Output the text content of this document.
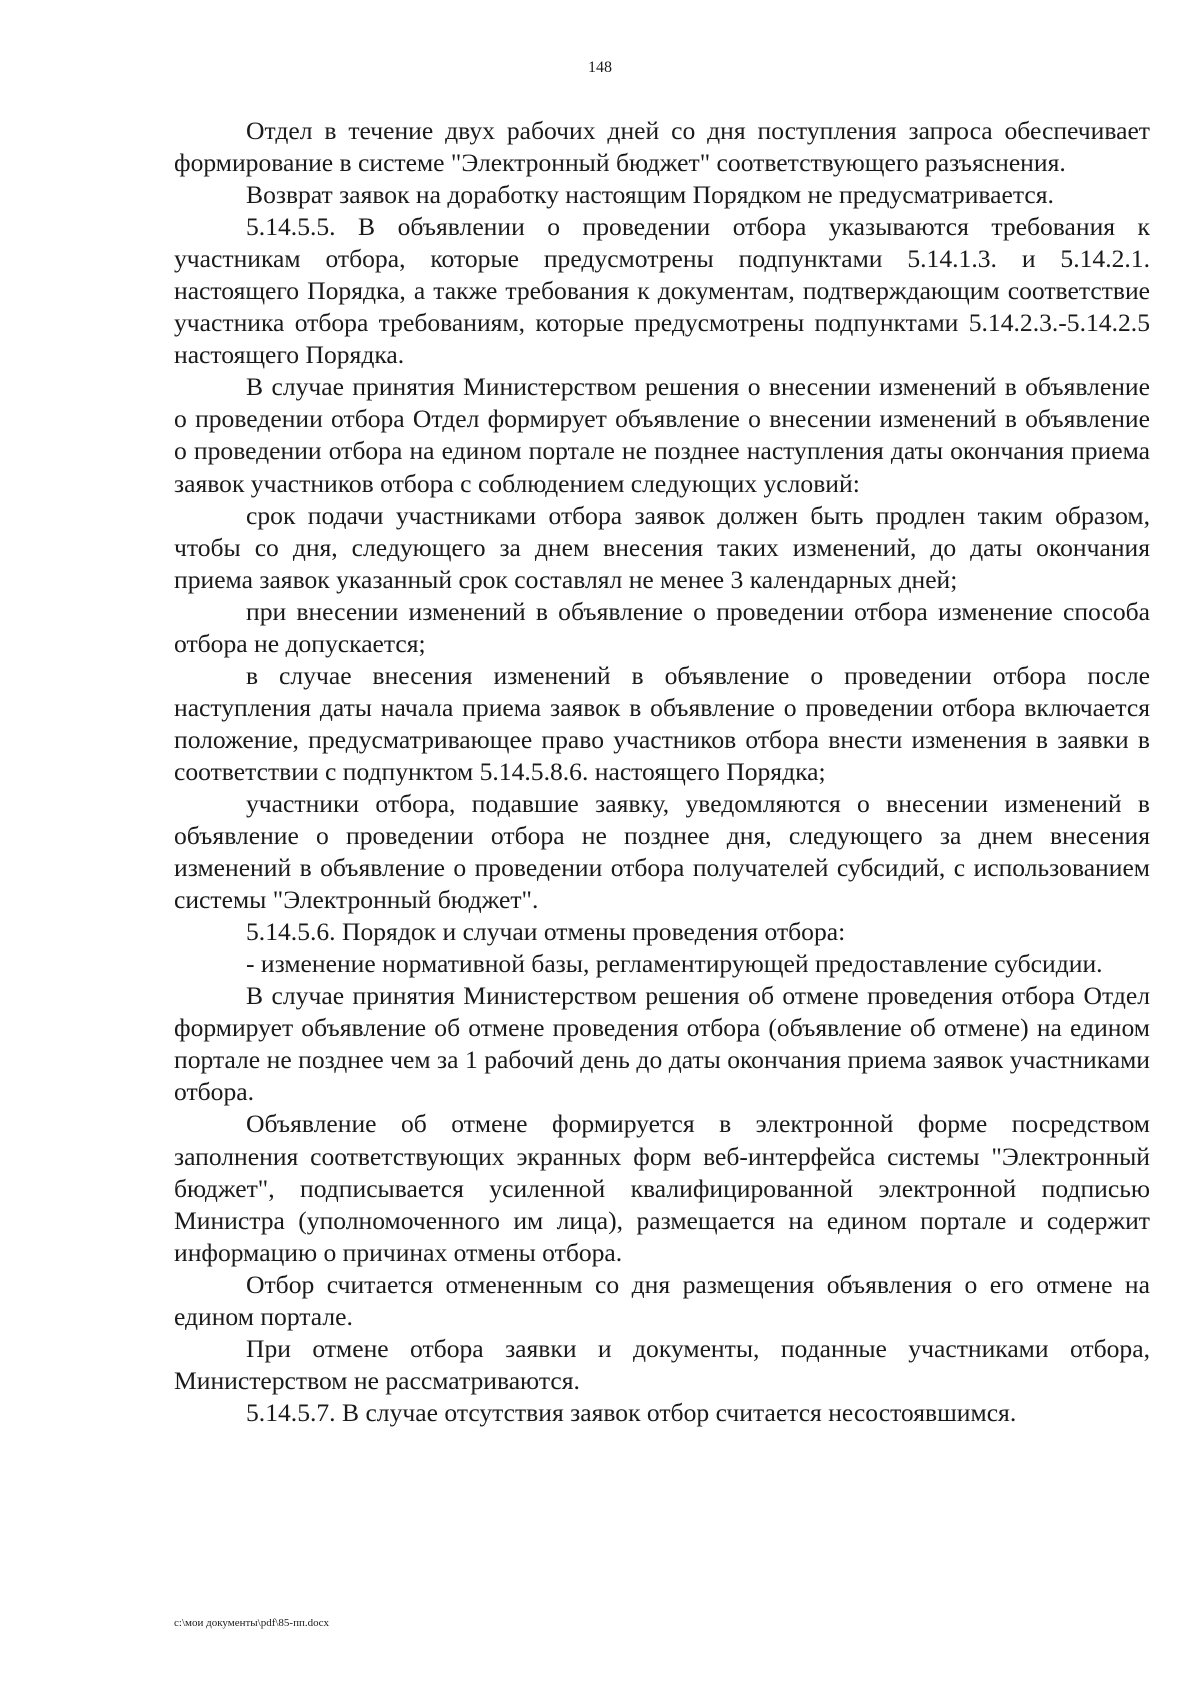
148

Отдел в течение двух рабочих дней со дня поступления запроса обеспечивает формирование в системе "Электронный бюджет" соответствующего разъяснения.

Возврат заявок на доработку настоящим Порядком не предусматривается.

5.14.5.5. В объявлении о проведении отбора указываются требования к участникам отбора, которые предусмотрены подпунктами 5.14.1.3. и 5.14.2.1. настоящего Порядка, а также требования к документам, подтверждающим соответствие участника отбора требованиям, которые предусмотрены подпунктами 5.14.2.3.-5.14.2.5 настоящего Порядка.

В случае принятия Министерством решения о внесении изменений в объявление о проведении отбора Отдел формирует объявление о внесении изменений в объявление о проведении отбора на едином портале не позднее наступления даты окончания приема заявок участников отбора с соблюдением следующих условий:

срок подачи участниками отбора заявок должен быть продлен таким образом, чтобы со дня, следующего за днем внесения таких изменений, до даты окончания приема заявок указанный срок составлял не менее 3 календарных дней;

при внесении изменений в объявление о проведении отбора изменение способа отбора не допускается;

в случае внесения изменений в объявление о проведении отбора после наступления даты начала приема заявок в объявление о проведении отбора включается положение, предусматривающее право участников отбора внести изменения в заявки в соответствии с подпунктом 5.14.5.8.6. настоящего Порядка;

участники отбора, подавшие заявку, уведомляются о внесении изменений в объявление о проведении отбора не позднее дня, следующего за днем внесения изменений в объявление о проведении отбора получателей субсидий, с использованием системы "Электронный бюджет".

5.14.5.6. Порядок и случаи отмены проведения отбора:

- изменение нормативной базы, регламентирующей предоставление субсидии.

В случае принятия Министерством решения об отмене проведения отбора Отдел формирует объявление об отмене проведения отбора (объявление об отмене) на едином портале не позднее чем за 1 рабочий день до даты окончания приема заявок участниками отбора.

Объявление об отмене формируется в электронной форме посредством заполнения соответствующих экранных форм веб-интерфейса системы "Электронный бюджет", подписывается усиленной квалифицированной электронной подписью Министра (уполномоченного им лица), размещается на едином портале и содержит информацию о причинах отмены отбора.

Отбор считается отмененным со дня размещения объявления о его отмене на едином портале.

При отмене отбора заявки и документы, поданные участниками отбора, Министерством не рассматриваются.

5.14.5.7. В случае отсутствия заявок отбор считается несостоявшимся.

c:\мои документы\pdf\85-пп.docx
